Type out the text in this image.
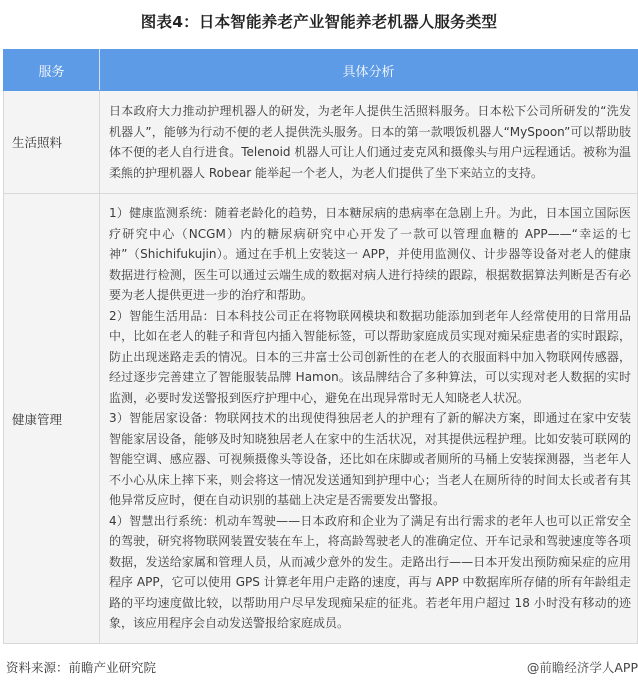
图表4：日本智能养老产业智能养老机器人服务类型
服务	具体分析
生活照料	日本政府大力推动护理机器人的研发，为老年人提供生活照料服务。日本松下公司所研发的“洗发机器人”，能够为行动不便的老人提供洗头服务。日本的第一款喂饭机器人“MySpoon”可以帮助肢体不便的老人自行进食。Telenoid 机器人可让人们通过麦克风和摄像头与用户远程通话。被称为温柔熊的护理机器人 Robear 能举起一个老人，为老人们提供了坐下来站立的支持。

健康管理	1）健康监测系统：随着老龄化的趋势，日本糖尿病的患病率在急剧上升。为此，日本国立国际医疗研究中心（NCGM）内的糖尿病研究中心开发了一款可以管理血糖的 APP——“幸运的七神”（Shichifukujin）。通过在手机上安装这一 APP，并使用监测仪、计步器等设备对老人的健康数据进行检测，医生可以通过云端生成的数据对病人进行持续的跟踪，根据数据算法判断是否有必要为老人提供更进一步的治疗和帮助。

2）智能生活用品：日本科技公司正在将物联网模块和数据功能添加到老年人经常使用的日常用品中，比如在老人的鞋子和背包内插入智能标签，可以帮助家庭成员实现对痴呆症患者的实时跟踪，防止出现迷路走丢的情况。日本的三井富士公司创新性的在老人的衣服面料中加入物联网传感器，经过逐步完善建立了智能服装品牌 Hamon。该品牌结合了多种算法，可以实现对老人数据的实时监测，必要时发送警报到医疗护理中心，避免在出现异常时无人知晓老人状况。

3）智能居家设备：物联网技术的出现使得独居老人的护理有了新的解决方案，即通过在家中安装智能家居设备，能够及时知晓独居老人在家中的生活状况，对其提供远程护理。比如安装可联网的智能空调、感应器、可视频摄像头等设备，还比如在床脚或者厕所的马桶上安装探测器，当老年人不小心从床上摔下来，则会将这一情况发送通知到护理中心；当老人在厕所待的时间太长或者有其他异常反应时，便在自动识别的基础上决定是否需要发出警报。

4）智慧出行系统：机动车驾驶——日本政府和企业为了满足有出行需求的老年人也可以正常安全的驾驶，研究将物联网装置安装在车上，将高龄驾驶老人的准确定位、开车记录和驾驶速度等各项数据，发送给家属和管理人员，从而减少意外的发生。走路出行——日本开发出预防痴呆症的应用程序 APP，它可以使用 GPS 计算老年用户走路的速度，再与 APP 中数据库所存储的所有年龄组走路的平均速度做比较，以帮助用户尽早发现痴呆症的征兆。若老年用户超过 18 小时没有移动的迹象，该应用程序会自动发送警报给家庭成员。

资料来源：前瞻产业研究院	@前瞻经济学人APP
